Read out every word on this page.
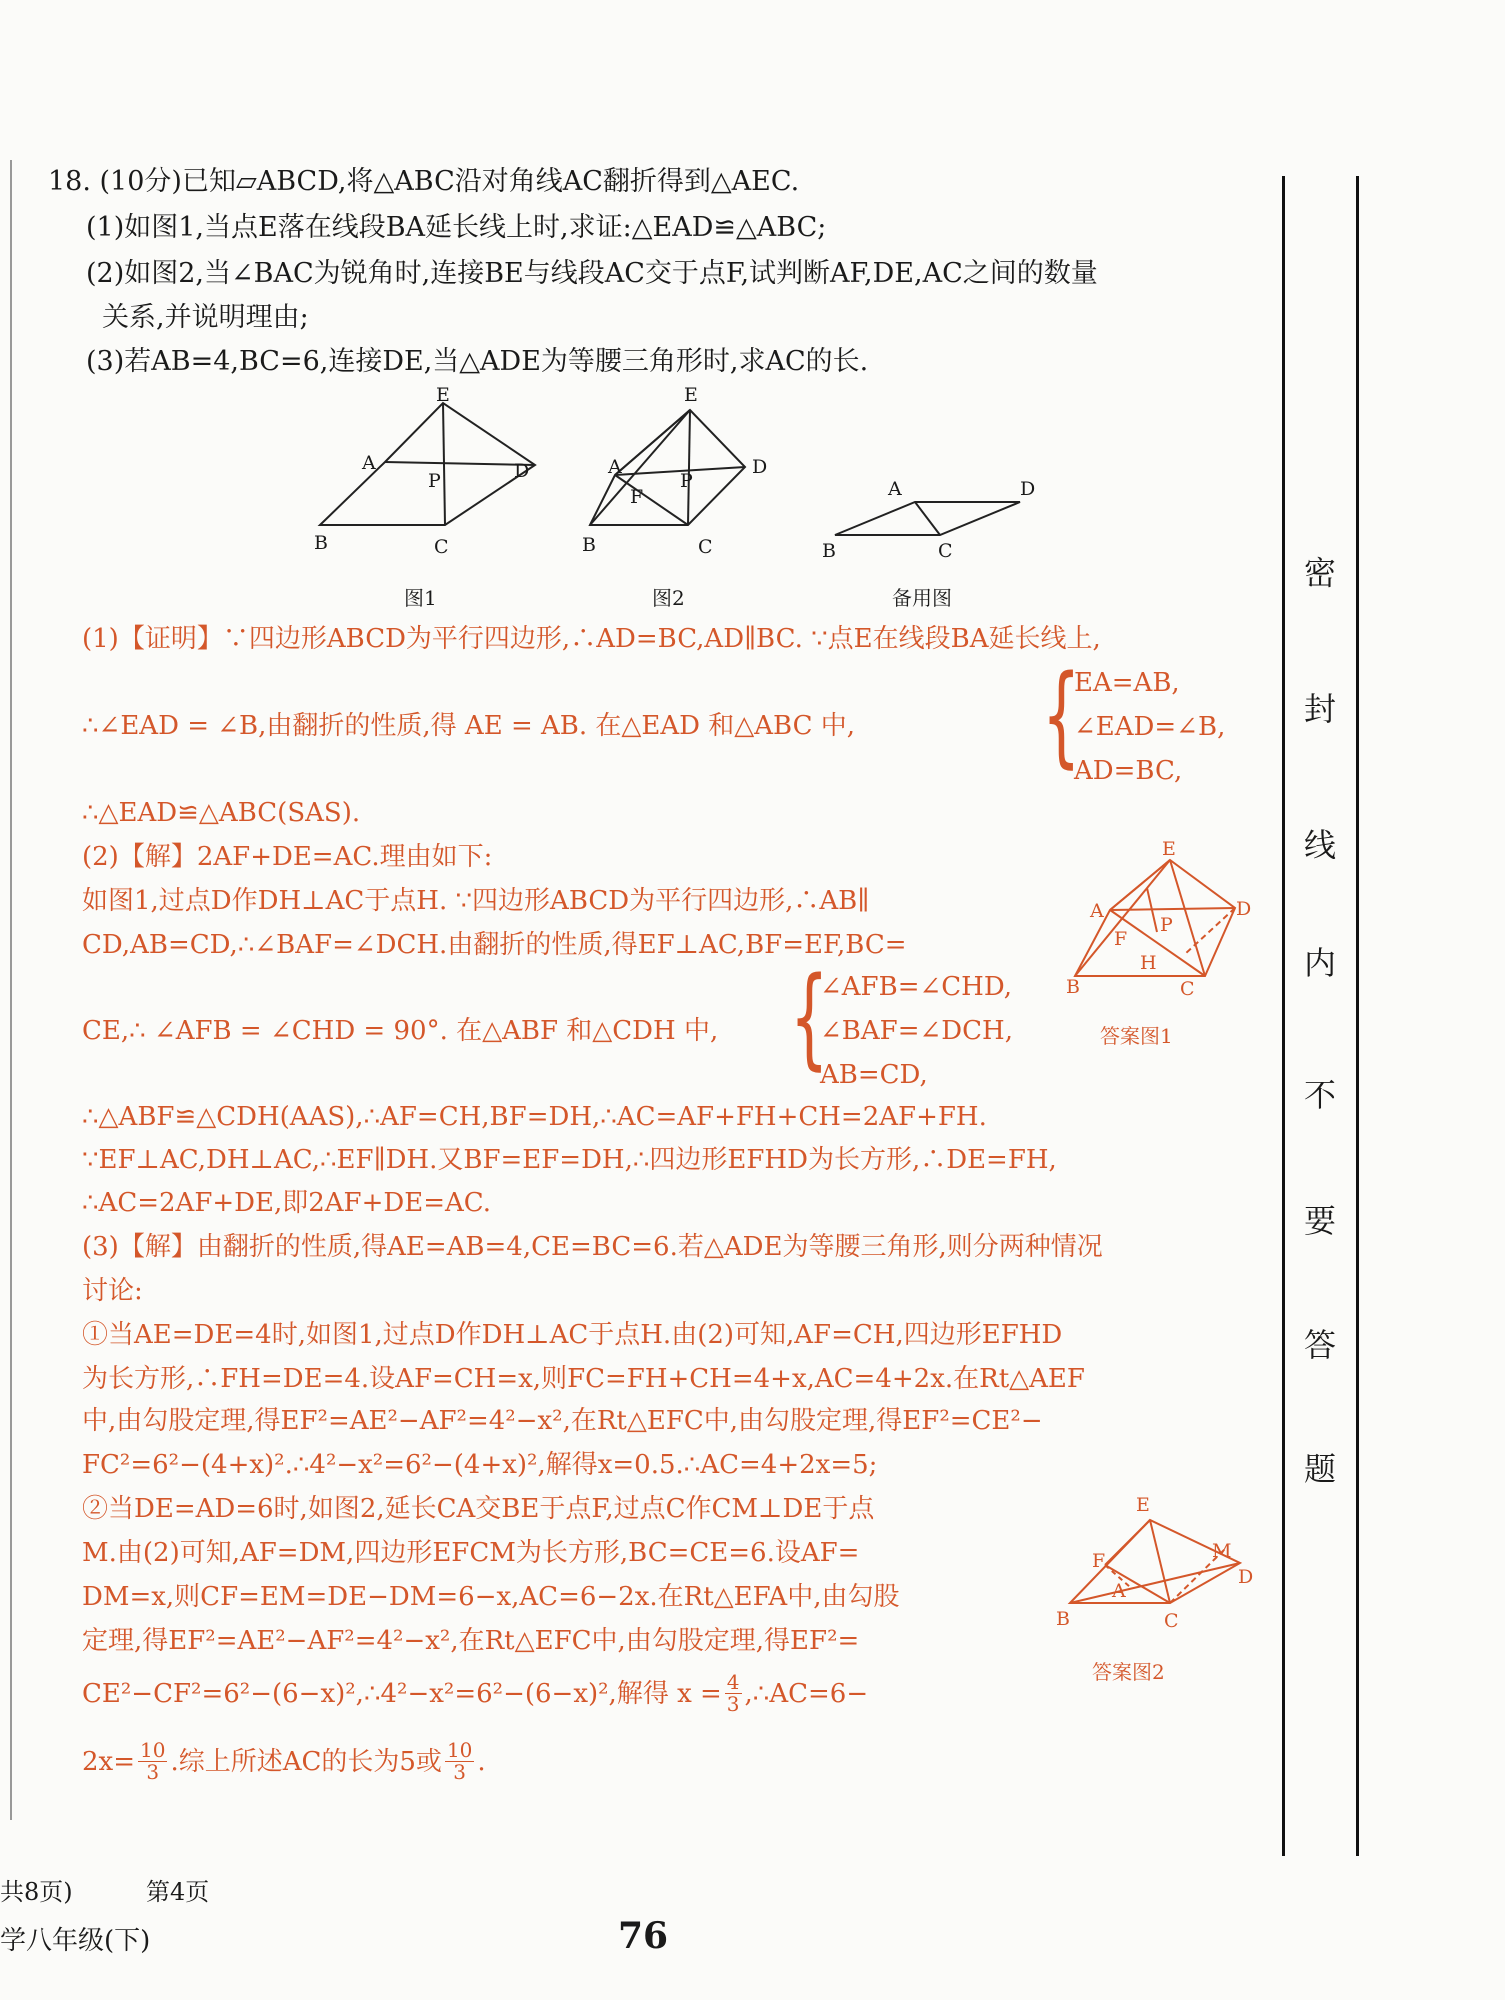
18. (10分)已知▱ABCD,将△ABC沿对角线AC翻折得到△AEC.
(1)如图1,当点E落在线段BA延长线上时,求证:△EAD≌△ABC;
(2)如图2,当∠BAC为锐角时,连接BE与线段AC交于点F,试判断AF,DE,AC之间的数量
关系,并说明理由;
(3)若AB=4,BC=6,连接DE,当△ADE为等腰三角形时,求AC的长.
E
A
P	D
B	C
图1
E
A
F
P
D
B	C
图2
A	D
B	C
备用图
(1)【证明】∵四边形ABCD为平行四边形,∴AD=BC,AD∥BC. ∵点E在线段BA延长线上,
∴∠EAD = ∠B,由翻折的性质,得 AE = AB. 在△EAD 和△ABC 中, {
EA=AB,
∠EAD=∠B,
AD=BC,
∴△EAD≌△ABC(SAS).
(2)【解】2AF+DE=AC.理由如下:
如图1,过点D作DH⊥AC于点H. ∵四边形ABCD为平行四边形,∴AB∥
CD,AB=CD,∴∠BAF=∠DCH.由翻折的性质,得EF⊥AC,BF=EF,BC=
CE,∴ ∠AFB = ∠CHD = 90°. 在△ABF 和△CDH 中, {
∠AFB=∠CHD,
∠BAF=∠DCH,
AB=CD,
E
A
F
P
D
H
B	C
答案图1
∴△ABF≌△CDH(AAS),∴AF=CH,BF=DH,∴AC=AF+FH+CH=2AF+FH.
∵EF⊥AC,DH⊥AC,∴EF∥DH.又BF=EF=DH,∴四边形EFHD为长方形,∴DE=FH,
∴AC=2AF+DE,即2AF+DE=AC.
(3)【解】由翻折的性质,得AE=AB=4,CE=BC=6.若△ADE为等腰三角形,则分两种情况
讨论:
①当AE=DE=4时,如图1,过点D作DH⊥AC于点H.由(2)可知,AF=CH,四边形EFHD
为长方形,∴FH=DE=4.设AF=CH=x,则FC=FH+CH=4+x,AC=4+2x.在Rt△AEF
中,由勾股定理,得EF²=AE²−AF²=4²−x²,在Rt△EFC中,由勾股定理,得EF²=CE²−
FC²=6²−(4+x)².∴4²−x²=6²−(4+x)²,解得x=0.5.∴AC=4+2x=5;
②当DE=AD=6时,如图2,延长CA交BE于点F,过点C作CM⊥DE于点
M.由(2)可知,AF=DM,四边形EFCM为长方形,BC=CE=6.设AF=
DM=x,则CF=EM=DE−DM=6−x,AC=6−2x.在Rt△EFA中,由勾股
定理,得EF²=AE²−AF²=4²−x²,在Rt△EFC中,由勾股定理,得EF²=
CE²−CF²=6²−(6−x)²,∴4²−x²=6²−(6−x)²,解得 $x = \frac{4}{3}$ ,∴AC=6−
$2x= \frac{10}{3}$ .综上所述AC的长为5或 $\frac{10}{3}$ .
E
F	M
A
D
B	C
答案图2
密
封
线
内
不
要
答
题
共8页)	第4页
学八年级(下)	76
